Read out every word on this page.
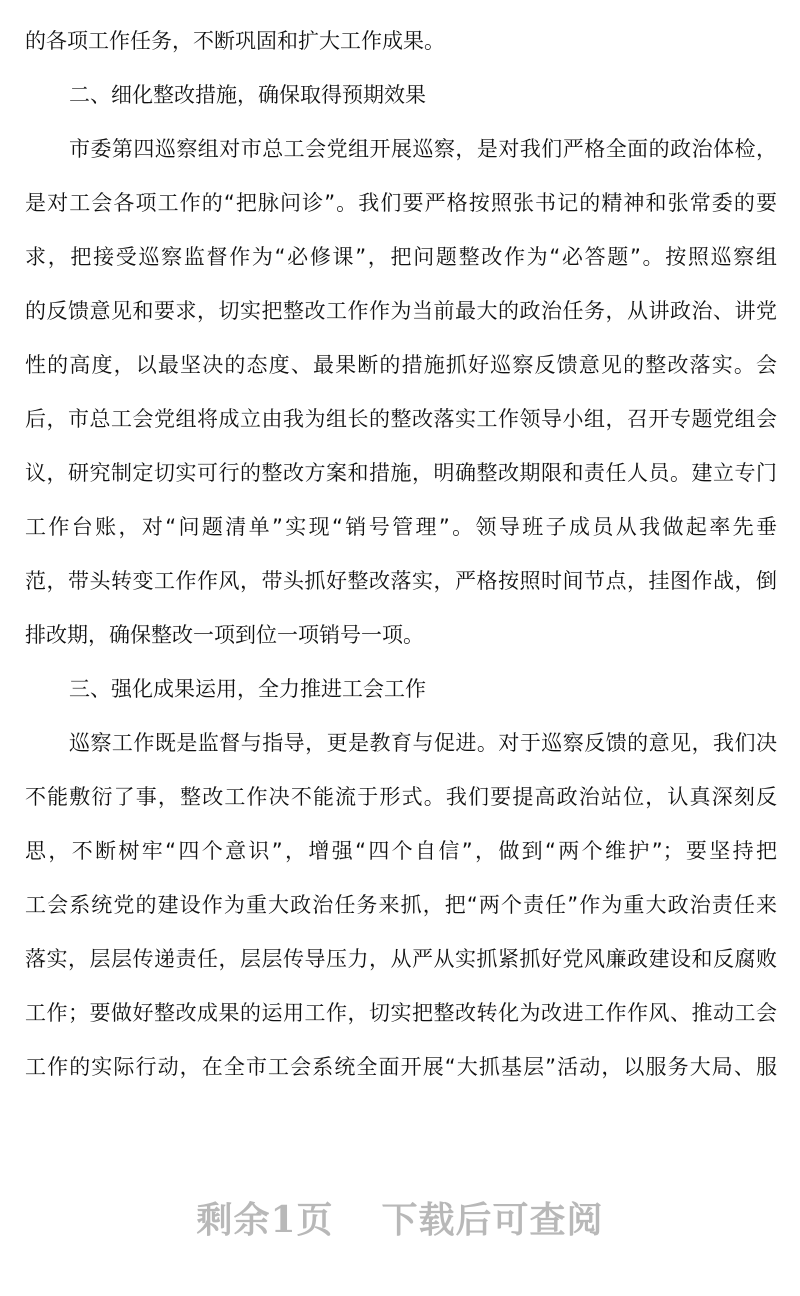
的各项工作任务，不断巩固和扩大工作成果。
二、细化整改措施，确保取得预期效果
市委第四巡察组对市总工会党组开展巡察，是对我们严格全面的政治体检，
是对工会各项工作的“把脉问诊”。我们要严格按照张书记的精神和张常委的要
求，把接受巡察监督作为“必修课”，把问题整改作为“必答题”。按照巡察组
的反馈意见和要求，切实把整改工作作为当前最大的政治任务，从讲政治、讲党
性的高度，以最坚决的态度、最果断的措施抓好巡察反馈意见的整改落实。会
后，市总工会党组将成立由我为组长的整改落实工作领导小组，召开专题党组会
议，研究制定切实可行的整改方案和措施，明确整改期限和责任人员。建立专门
工作台账，对“问题清单”实现“销号管理”。领导班子成员从我做起率先垂
范，带头转变工作作风，带头抓好整改落实，严格按照时间节点，挂图作战，倒
排改期，确保整改一项到位一项销号一项。
三、强化成果运用，全力推进工会工作
巡察工作既是监督与指导，更是教育与促进。对于巡察反馈的意见，我们决
不能敷衍了事，整改工作决不能流于形式。我们要提高政治站位，认真深刻反
思，不断树牢“四个意识”，增强“四个自信”，做到“两个维护”；要坚持把
工会系统党的建设作为重大政治任务来抓，把“两个责任”作为重大政治责任来
落实，层层传递责任，层层传导压力，从严从实抓紧抓好党风廉政建设和反腐败
工作；要做好整改成果的运用工作，切实把整改转化为改进工作作风、推动工会
工作的实际行动，在全市工会系统全面开展“大抓基层”活动，以服务大局、服
剩余1页 下载后可查阅
